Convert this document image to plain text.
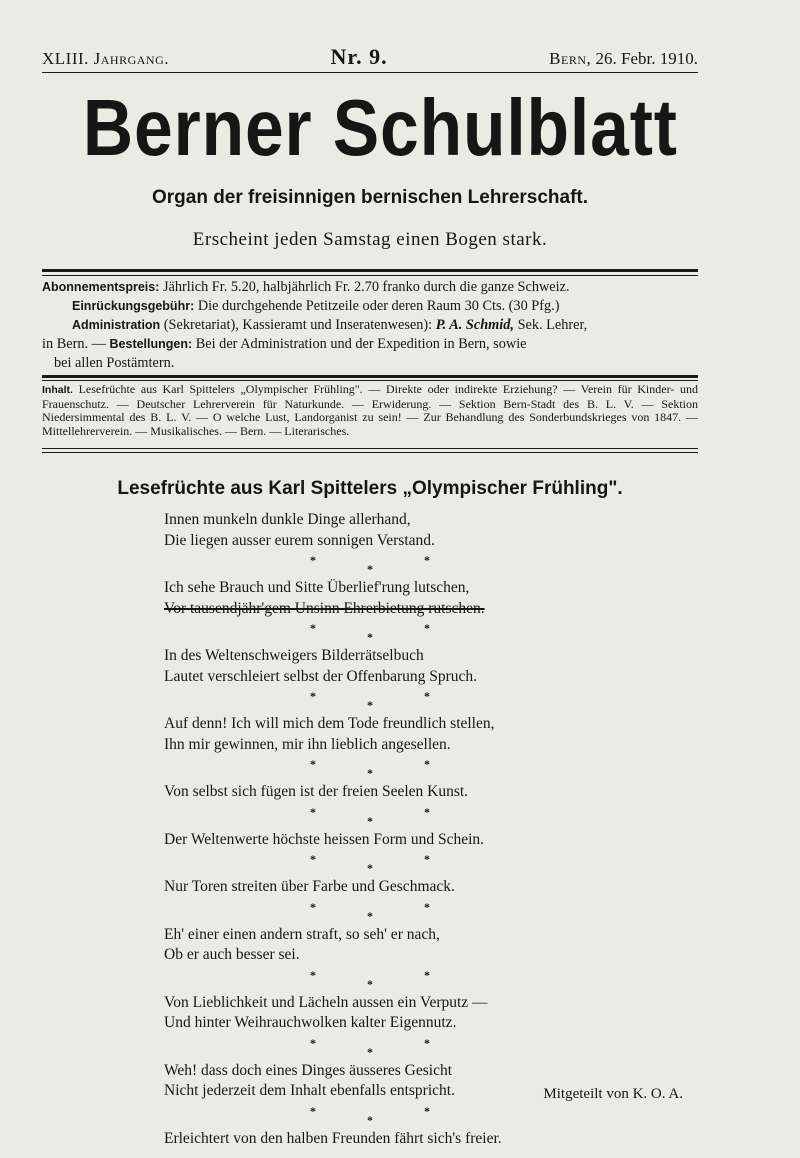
XLIII. Jahrgang.	Nr. 9.	Bern, 26. Febr. 1910.
Berner Schulblatt
Organ der freisinnigen bernischen Lehrerschaft.
Erscheint jeden Samstag einen Bogen stark.
Abonnementspreis: Jährlich Fr. 5.20, halbjährlich Fr. 2.70 franko durch die ganze Schweiz.
Einrückungsgebühr: Die durchgehende Petitzeile oder deren Raum 30 Cts. (30 Pfg.)
Administration (Sekretariat), Kassieramt und Inseratenwesen): P. A. Schmid, Sek. Lehrer,
in Bern. — Bestellungen: Bei der Administration und der Expedition in Bern, sowie
bei allen Postämtern.
Inhalt. Lesefrüchte aus Karl Spittelers „Olympischer Frühling". — Direkte oder indirekte Erziehung? — Verein für Kinder- und Frauenschutz. — Deutscher Lehrerverein für Naturkunde. — Erwiderung. — Sektion Bern-Stadt des B. L. V. — Sektion Niedersimmental des B. L. V. — O welche Lust, Landorganist zu sein! — Zur Behandlung des Sonderbundskrieges von 1847. — Mittellehrerverein. — Musikalisches. — Bern. — Literarisches.
Lesefrüchte aus Karl Spittelers „Olympischer Frühling".
Innen munkeln dunkle Dinge allerhand,
Die liegen ausser eurem sonnigen Verstand.
*
*
*
Ich sehe Brauch und Sitte Überlief'rung lutschen,
Vor tausendjähr'gem Unsinn Ehrerbietung rutschen.
*
*
*
In des Weltenschweigers Bilderrätselbuch
Lautet verschleiert selbst der Offenbarung Spruch.
*
*
*
Auf denn! Ich will mich dem Tode freundlich stellen,
Ihn mir gewinnen, mir ihn lieblich angesellen.
*
*
*
Von selbst sich fügen ist der freien Seelen Kunst.
*
*
*
Der Weltenwerte höchste heissen Form und Schein.
*
*
*
Nur Toren streiten über Farbe und Geschmack.
*
*
*
Eh' einer einen andern straft, so seh' er nach,
Ob er auch besser sei.
*
*
*
Von Lieblichkeit und Lächeln aussen ein Verputz —
Und hinter Weihrauchwolken kalter Eigennutz.
*
*
*
Weh! dass doch eines Dinges äusseres Gesicht
Nicht jederzeit dem Inhalt ebenfalls entspricht.
*
*
*
Erleichtert von den halben Freunden fährt sich's freier.
Mitgeteilt von K. O. A.
